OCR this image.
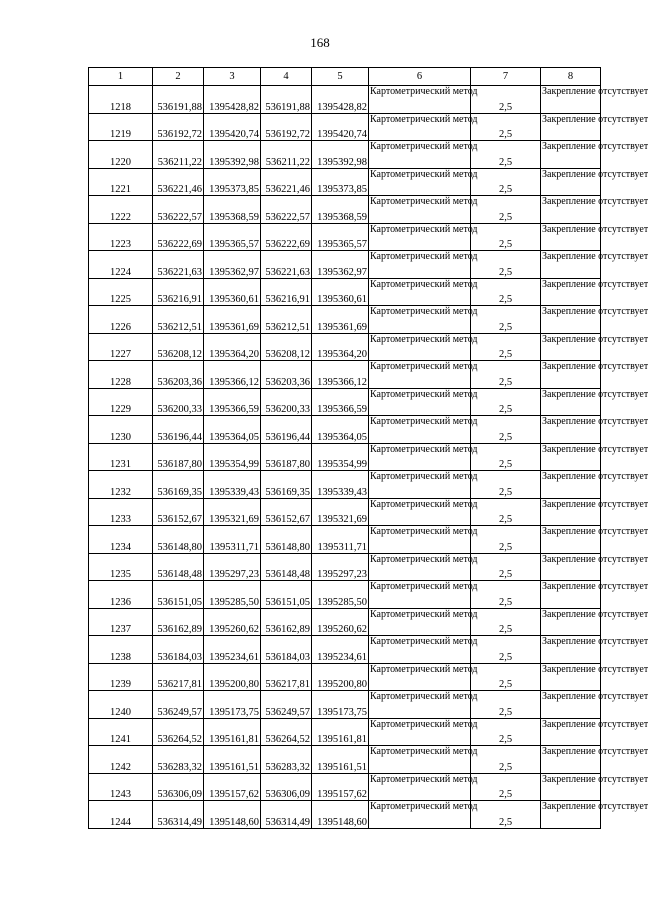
168
1	2	3	4	5	6	7	8
1218	536191,88	1395428,82	536191,88	1395428,82	Картометрический метод	2,5	Закрепление отсутствует
1219	536192,72	1395420,74	536192,72	1395420,74	Картометрический метод	2,5	Закрепление отсутствует
1220	536211,22	1395392,98	536211,22	1395392,98	Картометрический метод	2,5	Закрепление отсутствует
1221	536221,46	1395373,85	536221,46	1395373,85	Картометрический метод	2,5	Закрепление отсутствует
1222	536222,57	1395368,59	536222,57	1395368,59	Картометрический метод	2,5	Закрепление отсутствует
1223	536222,69	1395365,57	536222,69	1395365,57	Картометрический метод	2,5	Закрепление отсутствует
1224	536221,63	1395362,97	536221,63	1395362,97	Картометрический метод	2,5	Закрепление отсутствует
1225	536216,91	1395360,61	536216,91	1395360,61	Картометрический метод	2,5	Закрепление отсутствует
1226	536212,51	1395361,69	536212,51	1395361,69	Картометрический метод	2,5	Закрепление отсутствует
1227	536208,12	1395364,20	536208,12	1395364,20	Картометрический метод	2,5	Закрепление отсутствует
1228	536203,36	1395366,12	536203,36	1395366,12	Картометрический метод	2,5	Закрепление отсутствует
1229	536200,33	1395366,59	536200,33	1395366,59	Картометрический метод	2,5	Закрепление отсутствует
1230	536196,44	1395364,05	536196,44	1395364,05	Картометрический метод	2,5	Закрепление отсутствует
1231	536187,80	1395354,99	536187,80	1395354,99	Картометрический метод	2,5	Закрепление отсутствует
1232	536169,35	1395339,43	536169,35	1395339,43	Картометрический метод	2,5	Закрепление отсутствует
1233	536152,67	1395321,69	536152,67	1395321,69	Картометрический метод	2,5	Закрепление отсутствует
1234	536148,80	1395311,71	536148,80	1395311,71	Картометрический метод	2,5	Закрепление отсутствует
1235	536148,48	1395297,23	536148,48	1395297,23	Картометрический метод	2,5	Закрепление отсутствует
1236	536151,05	1395285,50	536151,05	1395285,50	Картометрический метод	2,5	Закрепление отсутствует
1237	536162,89	1395260,62	536162,89	1395260,62	Картометрический метод	2,5	Закрепление отсутствует
1238	536184,03	1395234,61	536184,03	1395234,61	Картометрический метод	2,5	Закрепление отсутствует
1239	536217,81	1395200,80	536217,81	1395200,80	Картометрический метод	2,5	Закрепление отсутствует
1240	536249,57	1395173,75	536249,57	1395173,75	Картометрический метод	2,5	Закрепление отсутствует
1241	536264,52	1395161,81	536264,52	1395161,81	Картометрический метод	2,5	Закрепление отсутствует
1242	536283,32	1395161,51	536283,32	1395161,51	Картометрический метод	2,5	Закрепление отсутствует
1243	536306,09	1395157,62	536306,09	1395157,62	Картометрический метод	2,5	Закрепление отсутствует
1244	536314,49	1395148,60	536314,49	1395148,60	Картометрический метод	2,5	Закрепление отсутствует
